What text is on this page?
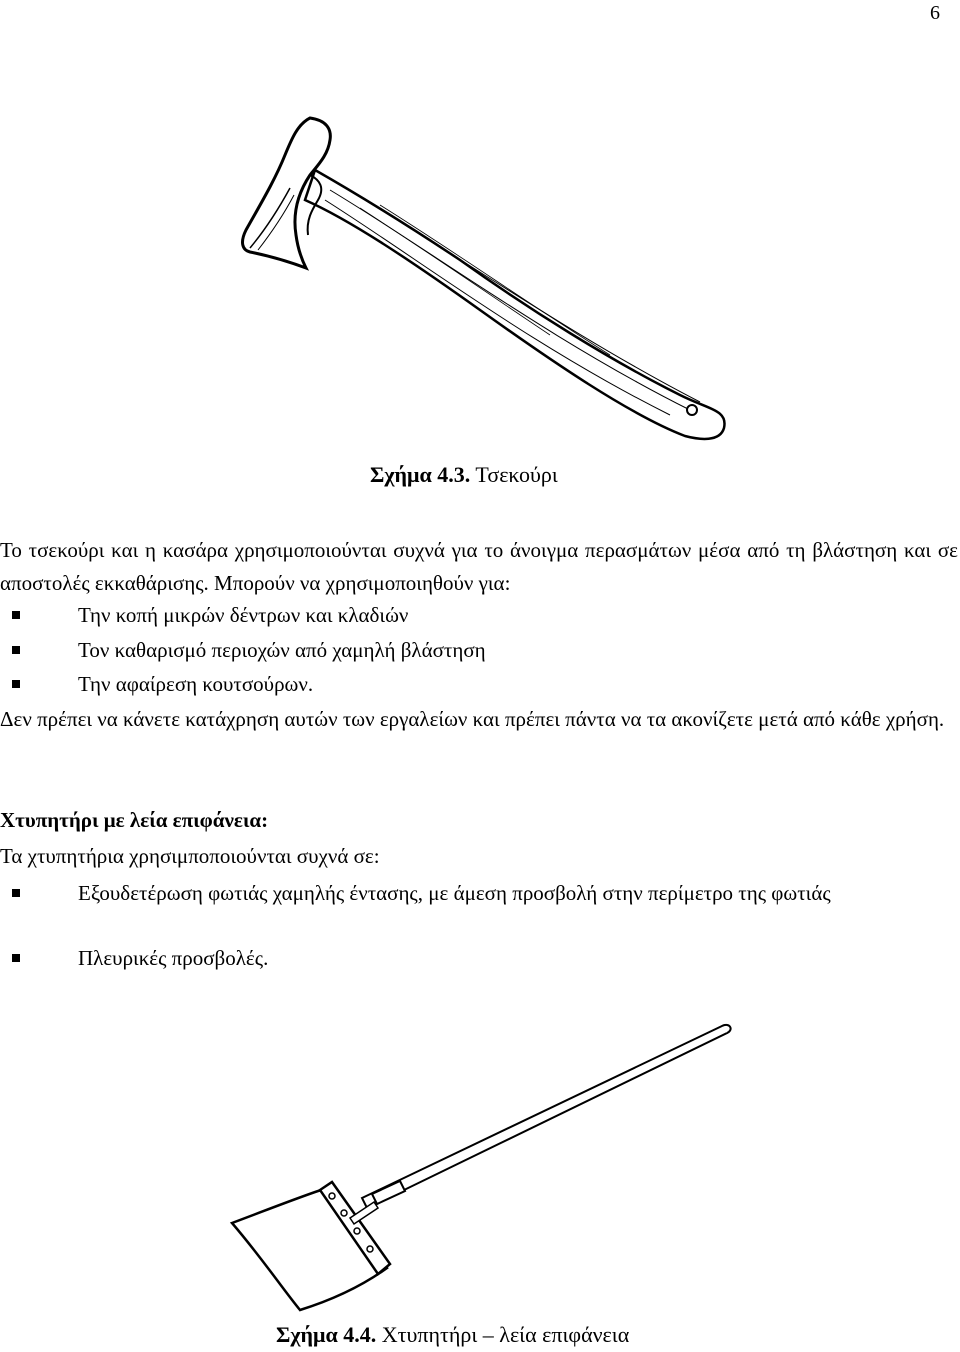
6
Σχήμα 4.3. Τσεκούρι
Το τσεκούρι και η κασάρα χρησιμοποιούνται συχνά για το άνοιγμα περασμάτων μέσα από τη βλάστηση και σε αποστολές εκκαθάρισης. Μπορούν να χρησιμοποιηθούν για:
Την κοπή μικρών δέντρων και κλαδιών
Τον καθαρισμό περιοχών από χαμηλή βλάστηση
Την αφαίρεση κουτσούρων.
Δεν πρέπει να κάνετε κατάχρηση αυτών των εργαλείων και πρέπει πάντα να τα ακονίζετε μετά από κάθε χρήση.
Χτυπητήρι με λεία επιφάνεια:
Τα χτυπητήρια χρησιμποποιούνται συχνά σε:
Εξουδετέρωση φωτιάς χαμηλής έντασης, με άμεση προσβολή στην περίμετρο της φωτιάς
Πλευρικές προσβολές.
Σχήμα 4.4. Χτυπητήρι – λεία επιφάνεια
